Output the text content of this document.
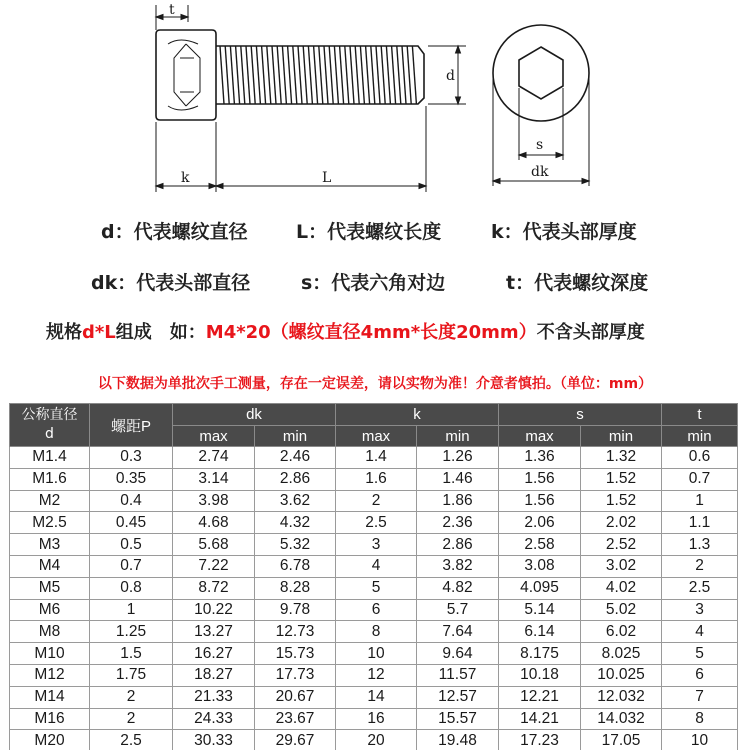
t
d
k	L
s
dk
d：代表螺纹直径	L：代表螺纹长度	k：代表头部厚度
dk：代表头部直径	s：代表六角对边	t：代表螺纹深度
规格d*L组成　如：M4*20（螺纹直径4mm*长度20mm）不含头部厚度
以下数据为单批次手工测量，存在一定误差，请以实物为准！介意者慎拍。（单位：mm）
公称直径
d	螺距P	dk		k		s		t
		max	min	max	min	max	min	min
M1.4	0.3	2.74	2.46	1.4	1.26	1.36	1.32	0.6
M1.6	0.35	3.14	2.86	1.6	1.46	1.56	1.52	0.7
M2	0.4	3.98	3.62	2	1.86	1.56	1.52	1
M2.5	0.45	4.68	4.32	2.5	2.36	2.06	2.02	1.1
M3	0.5	5.68	5.32	3	2.86	2.58	2.52	1.3
M4	0.7	7.22	6.78	4	3.82	3.08	3.02	2
M5	0.8	8.72	8.28	5	4.82	4.095	4.02	2.5
M6	1	10.22	9.78	6	5.7	5.14	5.02	3
M8	1.25	13.27	12.73	8	7.64	6.14	6.02	4
M10	1.5	16.27	15.73	10	9.64	8.175	8.025	5
M12	1.75	18.27	17.73	12	11.57	10.18	10.025	6
M14	2	21.33	20.67	14	12.57	12.21	12.032	7
M16	2	24.33	23.67	16	15.57	14.21	14.032	8
M20	2.5	30.33	29.67	20	19.48	17.23	17.05	10
